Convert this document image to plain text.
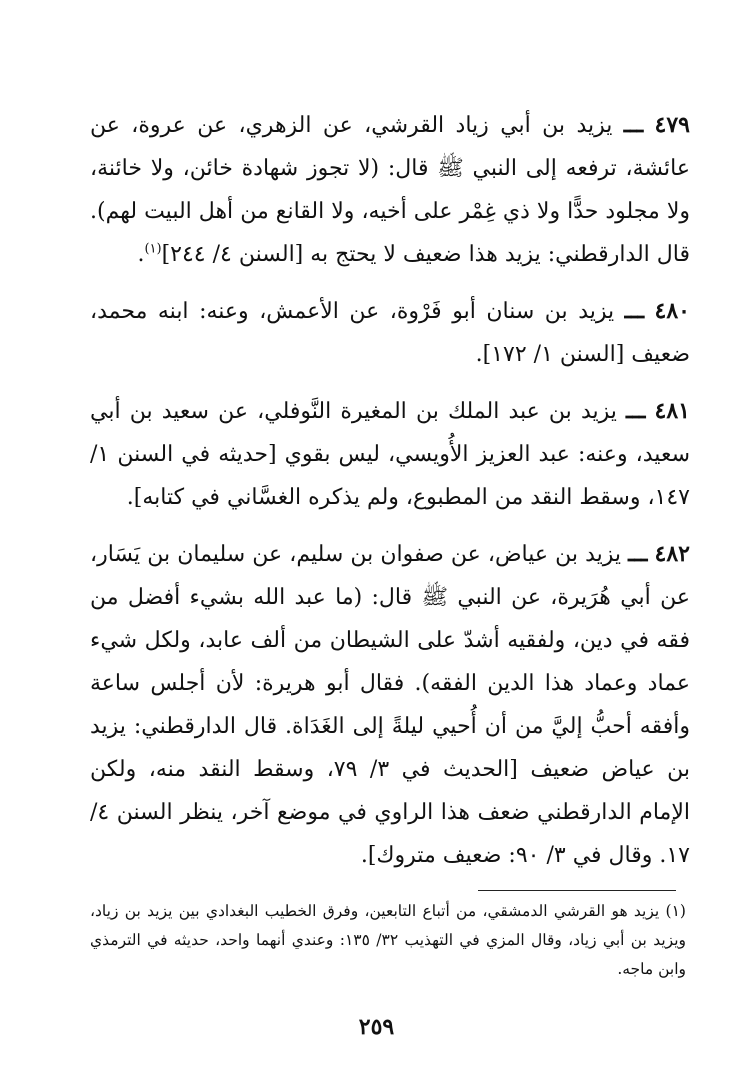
٤٧٩ ـــ يزيد بن أبي زياد القرشي، عن الزهري، عن عروة، عن عائشة، ترفعه إلى النبي ﷺ قال: (لا تجوز شهادة خائن، ولا خائنة، ولا مجلود حدًّا ولا ذي غِمْر على أخيه، ولا القانع من أهل البيت لهم). قال الدارقطني: يزيد هذا ضعيف لا يحتج به [السنن ٤/ ٢٤٤]$^{(١)}$.

٤٨٠ ـــ يزيد بن سنان أبو فَرْوة، عن الأعمش، وعنه: ابنه محمد، ضعيف [السنن ١/ ١٧٢].

٤٨١ ـــ يزيد بن عبد الملك بن المغيرة النَّوفلي، عن سعيد بن أبي سعيد، وعنه: عبد العزيز الأُويسي، ليس بقوي [حديثه في السنن ١/ ١٤٧، وسقط النقد من المطبوع، ولم يذكره الغسَّاني في كتابه].

٤٨٢ ـــ يزيد بن عياض، عن صفوان بن سليم، عن سليمان بن يَسَار، عن أبي هُرَيرة، عن النبي ﷺ قال: (ما عبد الله بشيء أفضل من فقه في دين، ولفقيه أشدّ على الشيطان من ألف عابد، ولكل شيء عماد وعماد هذا الدين الفقه). فقال أبو هريرة: لأن أجلس ساعة وأفقه أحبُّ إليَّ من أن أُحيي ليلةً إلى الغَدَاة. قال الدارقطني: يزيد بن عياض ضعيف [الحديث في ٣/ ٧٩، وسقط النقد منه، ولكن الإمام الدارقطني ضعف هذا الراوي في موضع آخر، ينظر السنن ٤/ ١٧. وقال في ٣/ ٩٠: ضعيف متروك].

(١) يزيد هو القرشي الدمشقي، من أتباع التابعين، وفرق الخطيب البغدادي بين يزيد بن زياد، ويزيد بن أبي زياد، وقال المزي في التهذيب ٣٢/ ١٣٥: وعندي أنهما واحد، حديثه في الترمذي وابن ماجه.
٢٥٩
